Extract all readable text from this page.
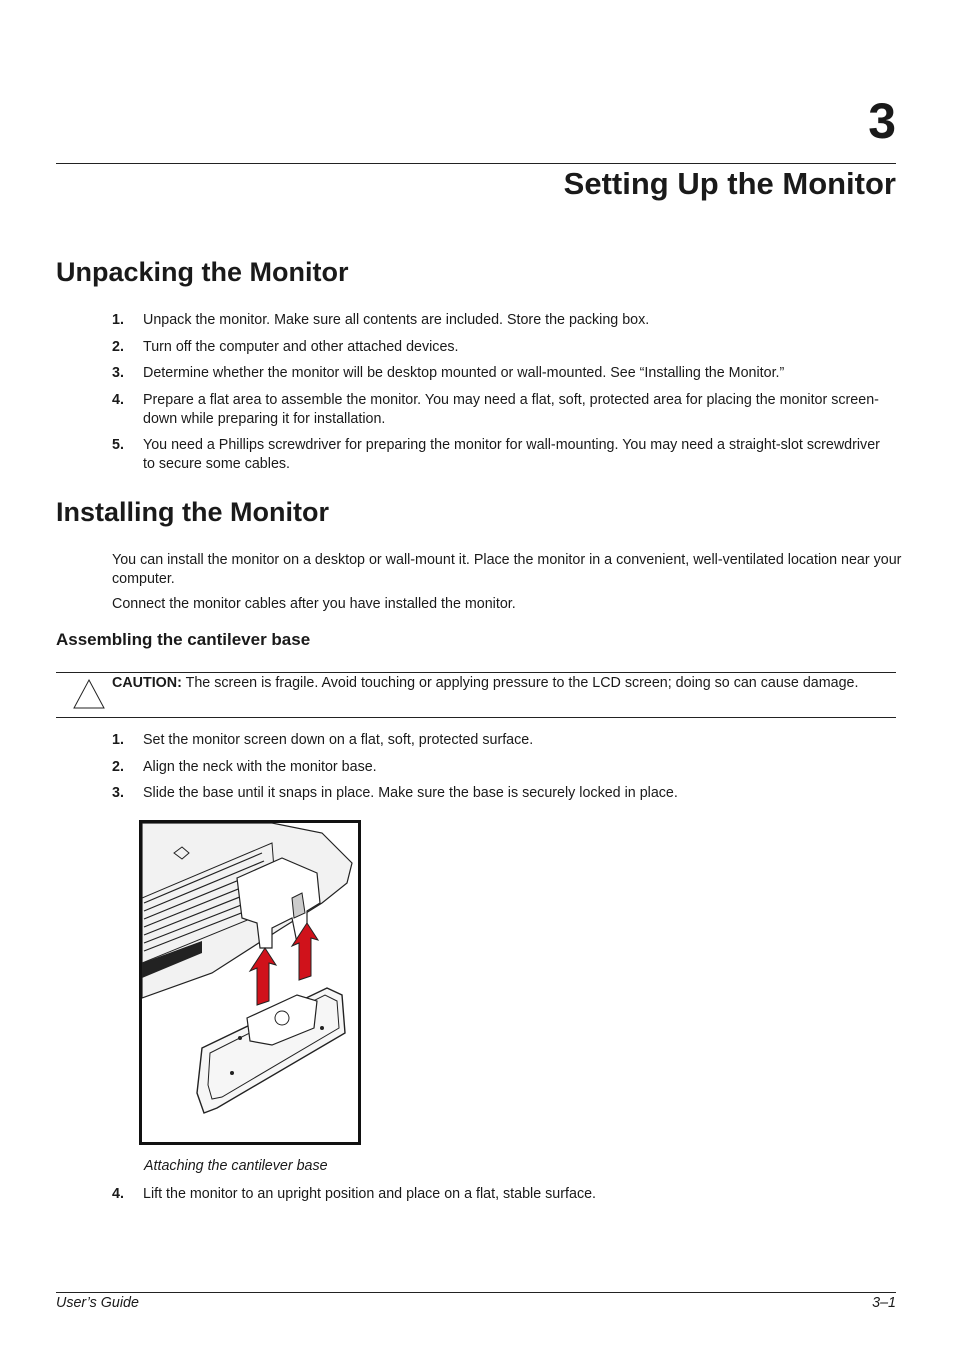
3
Setting Up the Monitor
Unpacking the Monitor
1. Unpack the monitor. Make sure all contents are included. Store the packing box.
2. Turn off the computer and other attached devices.
3. Determine whether the monitor will be desktop mounted or wall-mounted. See “Installing the Monitor.”
4. Prepare a flat area to assemble the monitor. You may need a flat, soft, protected area for placing the monitor screen-down while preparing it for installation.
5. You need a Phillips screwdriver for preparing the monitor for wall-mounting. You may need a straight-slot screwdriver to secure some cables.
Installing the Monitor
You can install the monitor on a desktop or wall-mount it. Place the monitor in a convenient, well-ventilated location near your computer.
Connect the monitor cables after you have installed the monitor.
Assembling the cantilever base
CAUTION: The screen is fragile. Avoid touching or applying pressure to the LCD screen; doing so can cause damage.
1. Set the monitor screen down on a flat, soft, protected surface.
2. Align the neck with the monitor base.
3. Slide the base until it snaps in place. Make sure the base is securely locked in place.
Attaching the cantilever base
4. Lift the monitor to an upright position and place on a flat, stable surface.
User’s Guide	3–1
